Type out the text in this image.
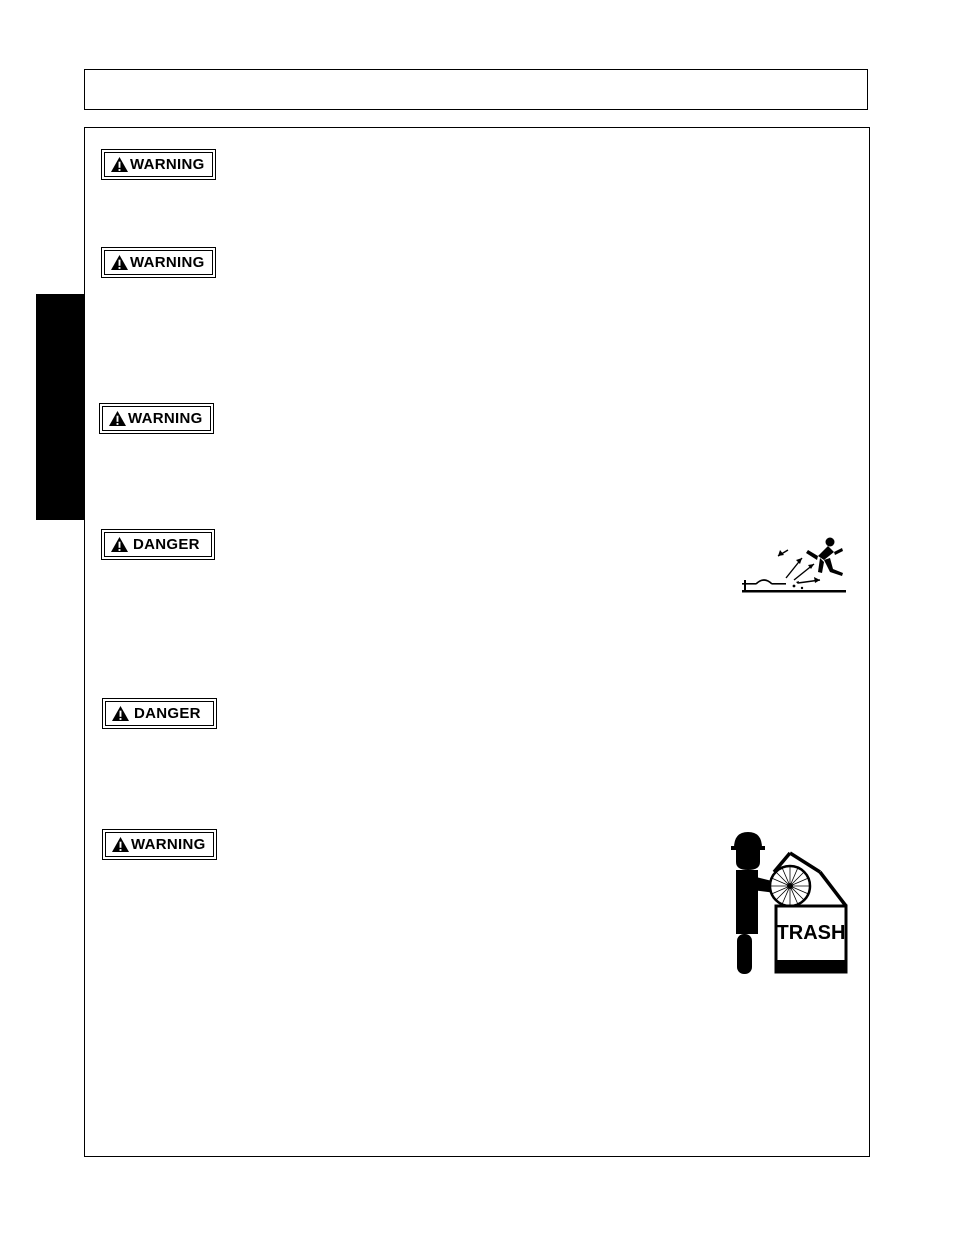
WARNING
WARNING
WARNING
DANGER
DANGER
WARNING
TRASH
